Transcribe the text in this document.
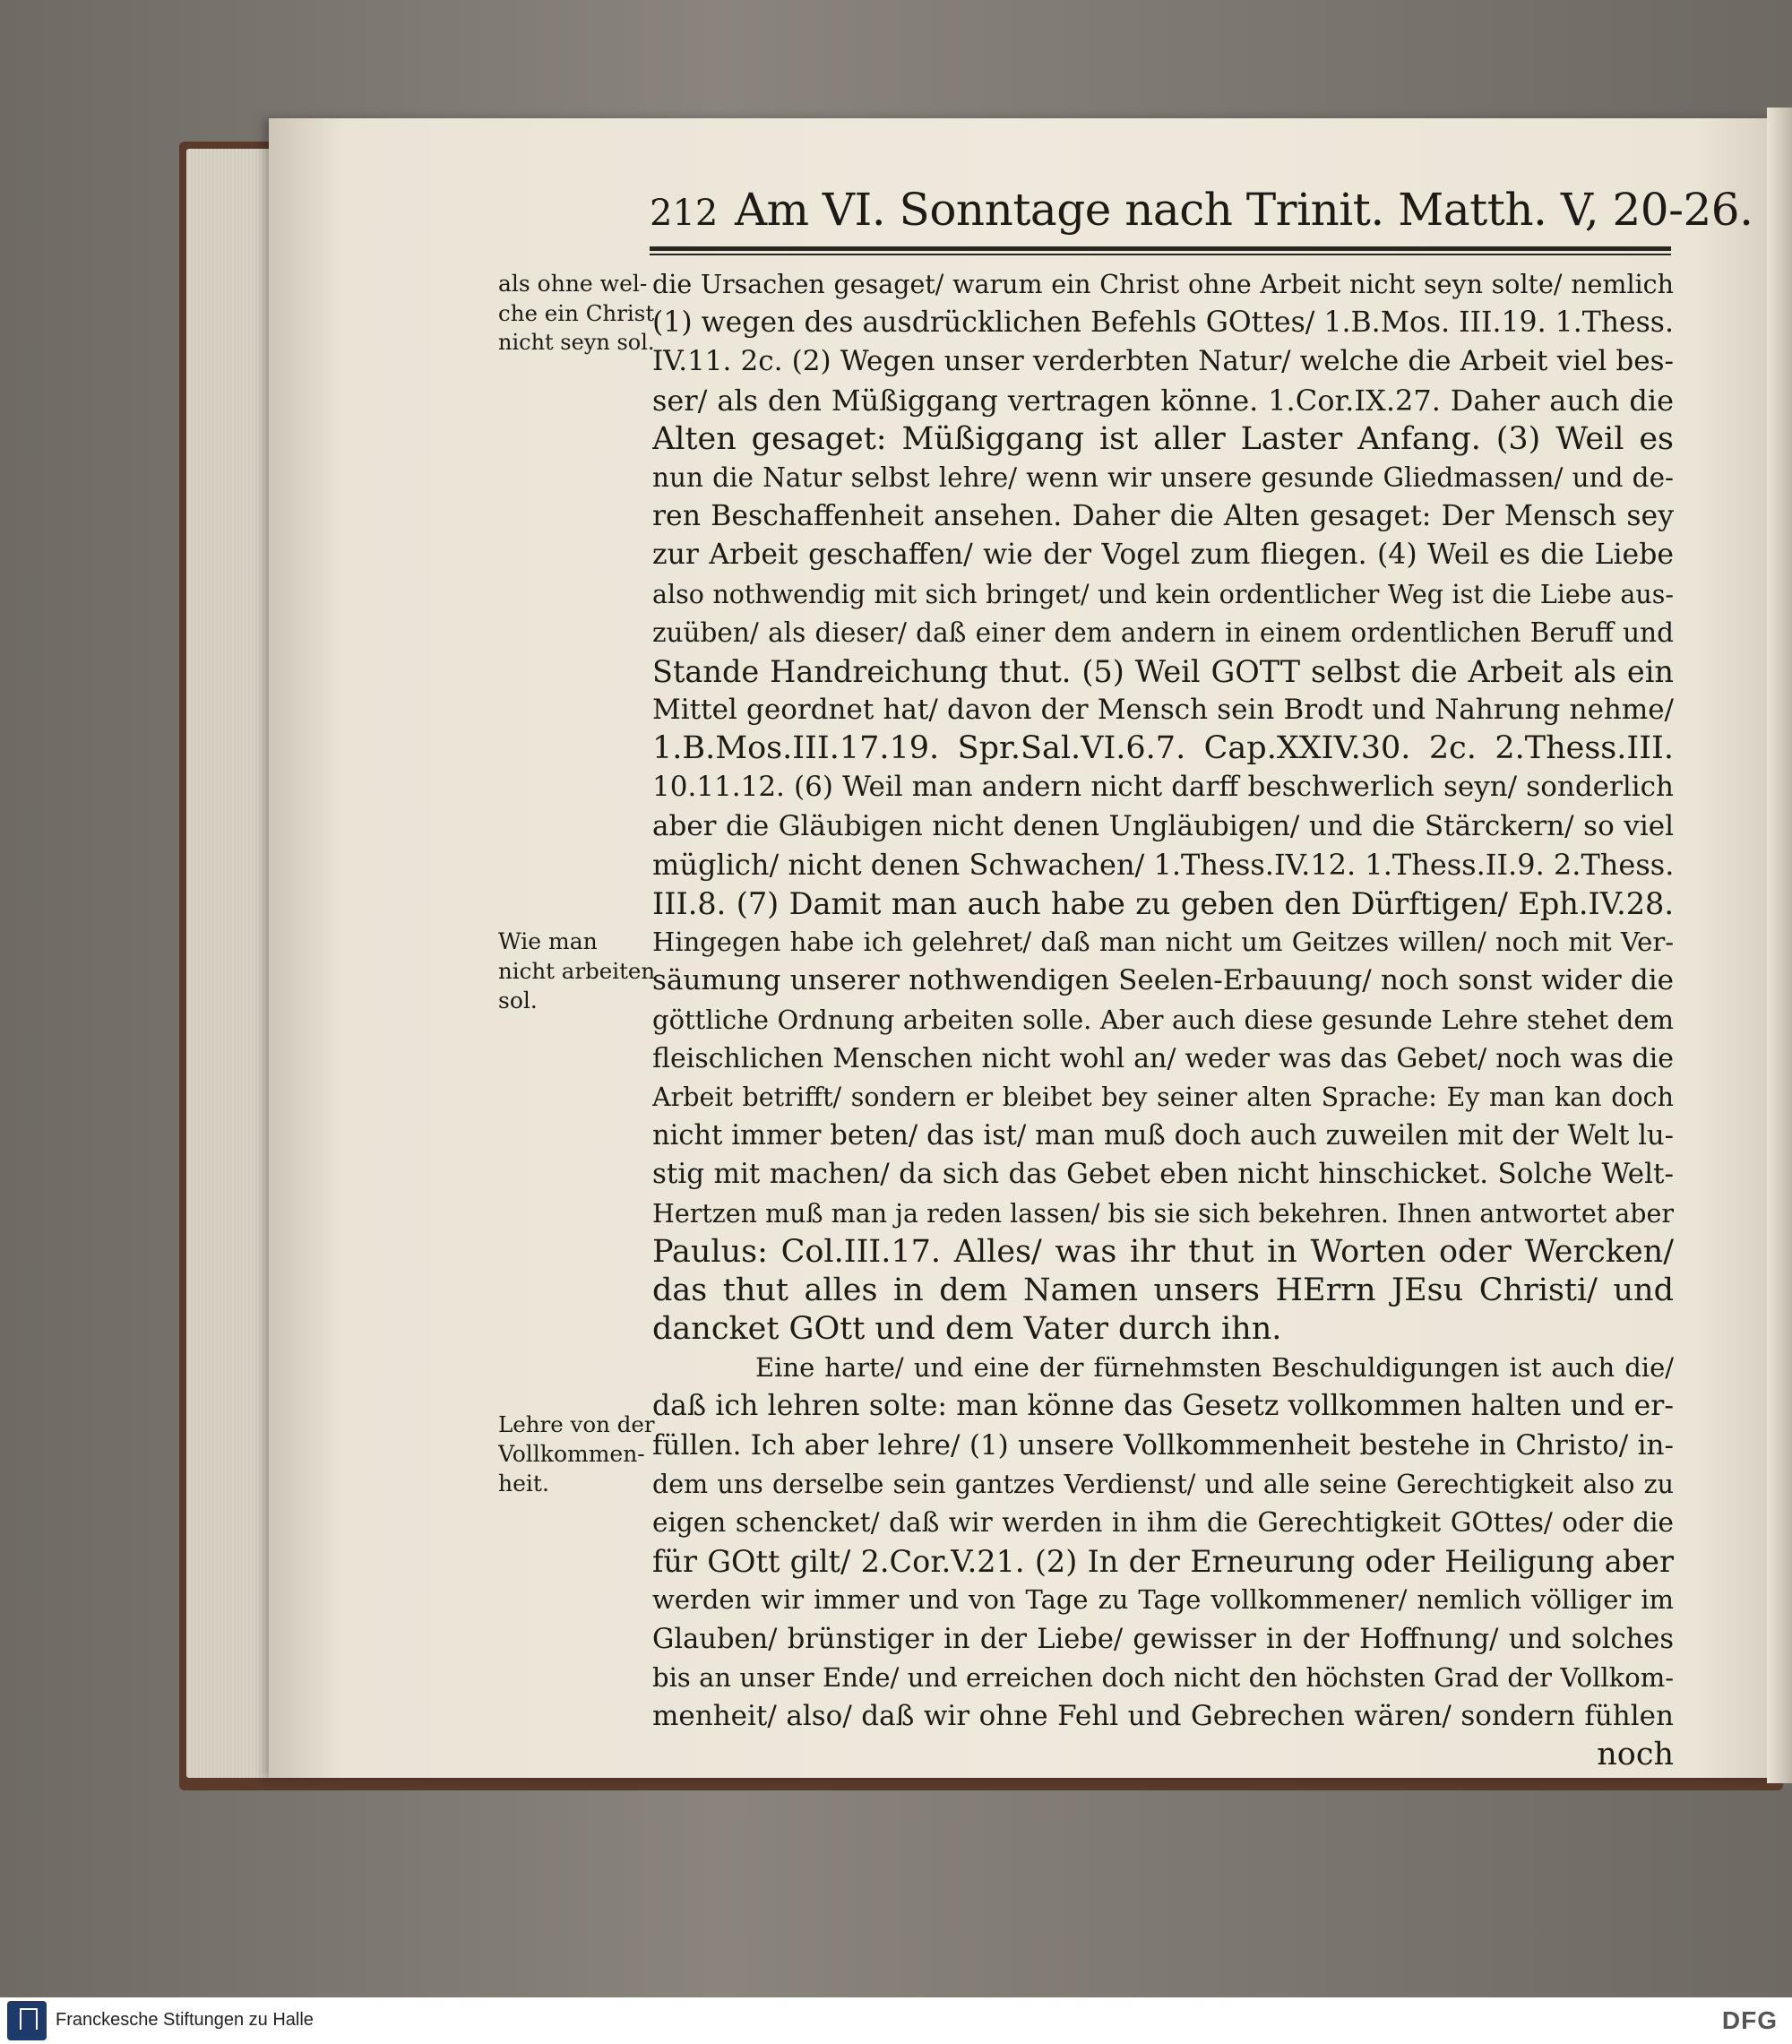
212 Am VI. Sonntage nach Trinit. Matth. V, 20-26.
als ohne wel-
che ein Christ
nicht seyn sol.
Wie man
nicht arbeiten
sol.
Lehre von der
Vollkommen-
heit.
die Ursachen gesaget/ warum ein Christ ohne Arbeit nicht seyn solte/ nemlich
(1) wegen des ausdrücklichen Befehls GOttes/ 1.B.Mos. III.19. 1.Thess.
IV.11. 2c. (2) Wegen unser verderbten Natur/ welche die Arbeit viel bes-
ser/ als den Müßiggang vertragen könne. 1.Cor.IX.27. Daher auch die
Alten gesaget: Müßiggang ist aller Laster Anfang. (3) Weil es
nun die Natur selbst lehre/ wenn wir unsere gesunde Gliedmassen/ und de-
ren Beschaffenheit ansehen. Daher die Alten gesaget: Der Mensch sey
zur Arbeit geschaffen/ wie der Vogel zum fliegen. (4) Weil es die Liebe
also nothwendig mit sich bringet/ und kein ordentlicher Weg ist die Liebe aus-
zuüben/ als dieser/ daß einer dem andern in einem ordentlichen Beruff und
Stande Handreichung thut. (5) Weil GOTT selbst die Arbeit als ein
Mittel geordnet hat/ davon der Mensch sein Brodt und Nahrung nehme/
1.B.Mos.III.17.19. Spr.Sal.VI.6.7. Cap.XXIV.30. 2c. 2.Thess.III.
10.11.12. (6) Weil man andern nicht darff beschwerlich seyn/ sonderlich
aber die Gläubigen nicht denen Ungläubigen/ und die Stärckern/ so viel
müglich/ nicht denen Schwachen/ 1.Thess.IV.12. 1.Thess.II.9. 2.Thess.
III.8. (7) Damit man auch habe zu geben den Dürftigen/ Eph.IV.28.
Hingegen habe ich gelehret/ daß man nicht um Geitzes willen/ noch mit Ver-
säumung unserer nothwendigen Seelen-Erbauung/ noch sonst wider die
göttliche Ordnung arbeiten solle. Aber auch diese gesunde Lehre stehet dem
fleischlichen Menschen nicht wohl an/ weder was das Gebet/ noch was die
Arbeit betrifft/ sondern er bleibet bey seiner alten Sprache: Ey man kan doch
nicht immer beten/ das ist/ man muß doch auch zuweilen mit der Welt lu-
stig mit machen/ da sich das Gebet eben nicht hinschicket. Solche Welt-
Hertzen muß man ja reden lassen/ bis sie sich bekehren. Ihnen antwortet aber
Paulus: Col.III.17. Alles/ was ihr thut in Worten oder Wercken/
das thut alles in dem Namen unsers HErrn JEsu Christi/ und
dancket GOtt und dem Vater durch ihn.
Eine harte/ und eine der fürnehmsten Beschuldigungen ist auch die/
daß ich lehren solte: man könne das Gesetz vollkommen halten und er-
füllen. Ich aber lehre/ (1) unsere Vollkommenheit bestehe in Christo/ in-
dem uns derselbe sein gantzes Verdienst/ und alle seine Gerechtigkeit also zu
eigen schencket/ daß wir werden in ihm die Gerechtigkeit GOttes/ oder die
für GOtt gilt/ 2.Cor.V.21. (2) In der Erneurung oder Heiligung aber
werden wir immer und von Tage zu Tage vollkommener/ nemlich völliger im
Glauben/ brünstiger in der Liebe/ gewisser in der Hoffnung/ und solches
bis an unser Ende/ und erreichen doch nicht den höchsten Grad der Vollkom-
menheit/ also/ daß wir ohne Fehl und Gebrechen wären/ sondern fühlen
noch
Franckesche Stiftungen zu Halle	DFG
